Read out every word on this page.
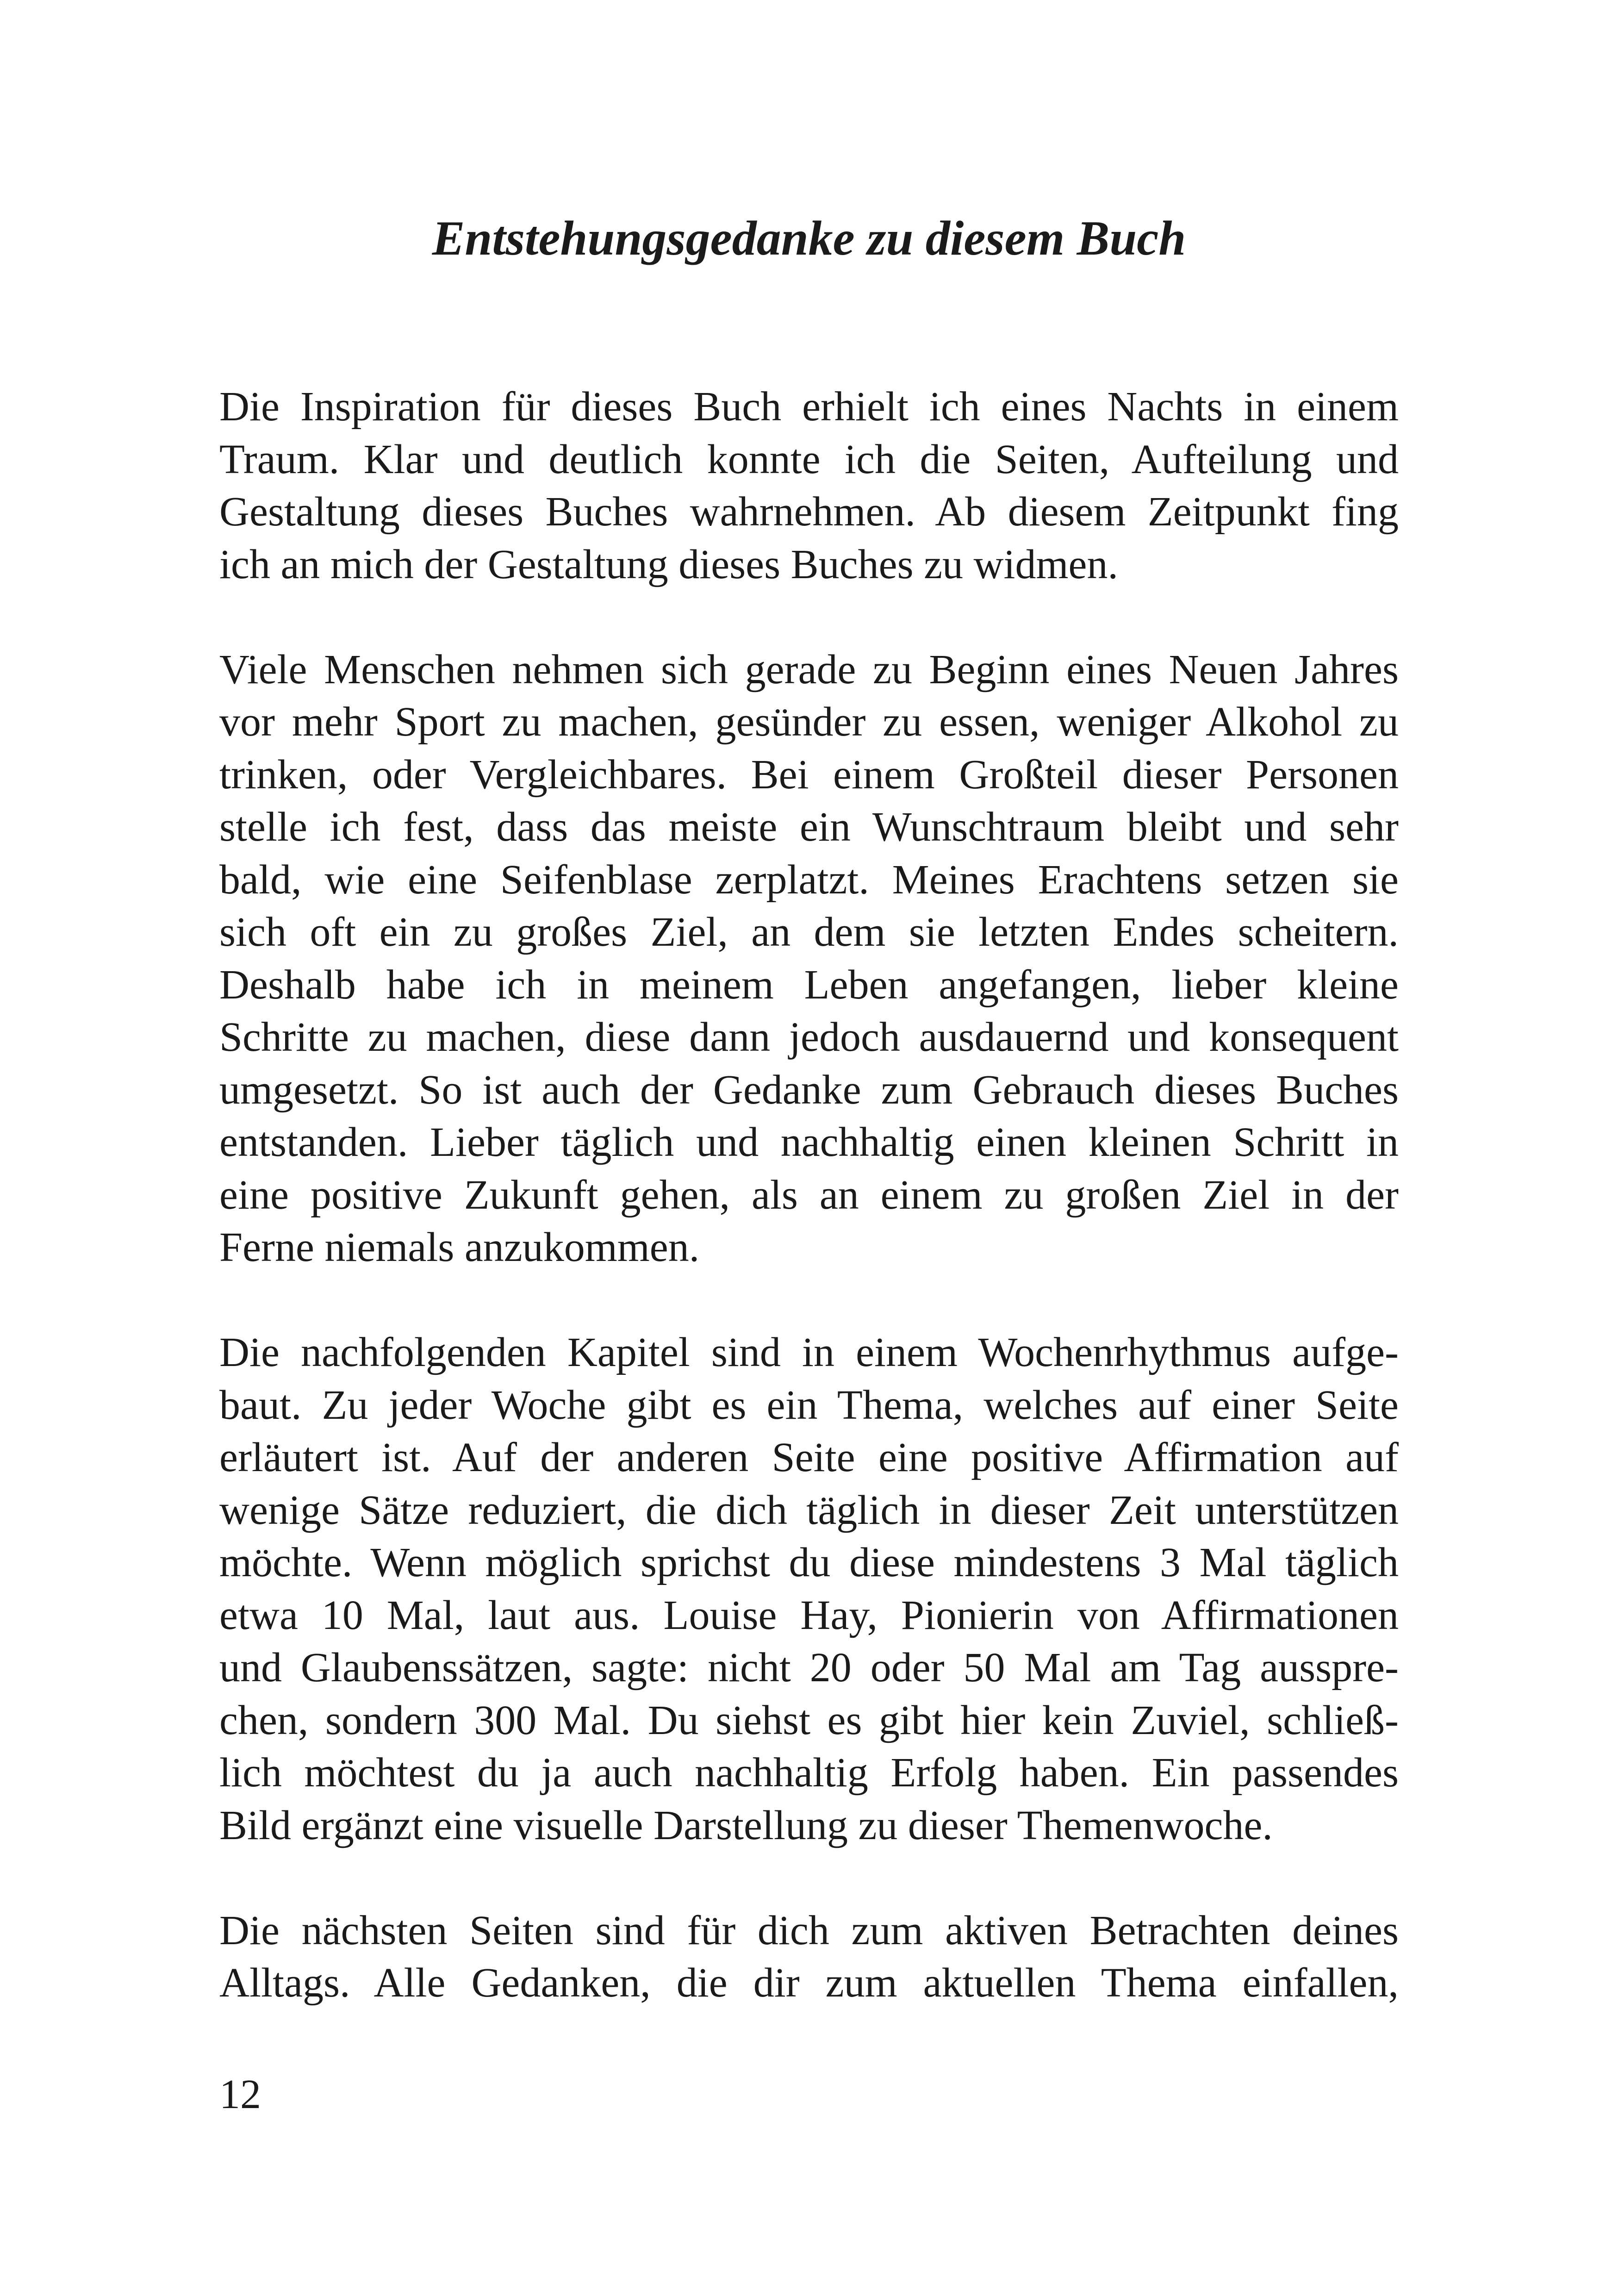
Entstehungsgedanke zu diesem Buch
Die Inspiration für dieses Buch erhielt ich eines Nachts in einem
Traum. Klar und deutlich konnte ich die Seiten, Aufteilung und
Gestaltung dieses Buches wahrnehmen. Ab diesem Zeitpunkt fing
ich an mich der Gestaltung dieses Buches zu widmen.
Viele Menschen nehmen sich gerade zu Beginn eines Neuen Jahres
vor mehr Sport zu machen, gesünder zu essen, weniger Alkohol zu
trinken, oder Vergleichbares. Bei einem Großteil dieser Personen
stelle ich fest, dass das meiste ein Wunschtraum bleibt und sehr
bald, wie eine Seifenblase zerplatzt. Meines Erachtens setzen sie
sich oft ein zu großes Ziel, an dem sie letzten Endes scheitern.
Deshalb habe ich in meinem Leben angefangen, lieber kleine
Schritte zu machen, diese dann jedoch ausdauernd und konsequent
umgesetzt. So ist auch der Gedanke zum Gebrauch dieses Buches
entstanden. Lieber täglich und nachhaltig einen kleinen Schritt in
eine positive Zukunft gehen, als an einem zu großen Ziel in der
Ferne niemals anzukommen.
Die nachfolgenden Kapitel sind in einem Wochenrhythmus aufge-
baut. Zu jeder Woche gibt es ein Thema, welches auf einer Seite
erläutert ist. Auf der anderen Seite eine positive Affirmation auf
wenige Sätze reduziert, die dich täglich in dieser Zeit unterstützen
möchte. Wenn möglich sprichst du diese mindestens 3 Mal täglich
etwa 10 Mal, laut aus. Louise Hay, Pionierin von Affirmationen
und Glaubenssätzen, sagte: nicht 20 oder 50 Mal am Tag ausspre-
chen, sondern 300 Mal. Du siehst es gibt hier kein Zuviel, schließ-
lich möchtest du ja auch nachhaltig Erfolg haben. Ein passendes
Bild ergänzt eine visuelle Darstellung zu dieser Themenwoche.
Die nächsten Seiten sind für dich zum aktiven Betrachten deines
Alltags. Alle Gedanken, die dir zum aktuellen Thema einfallen,

12
